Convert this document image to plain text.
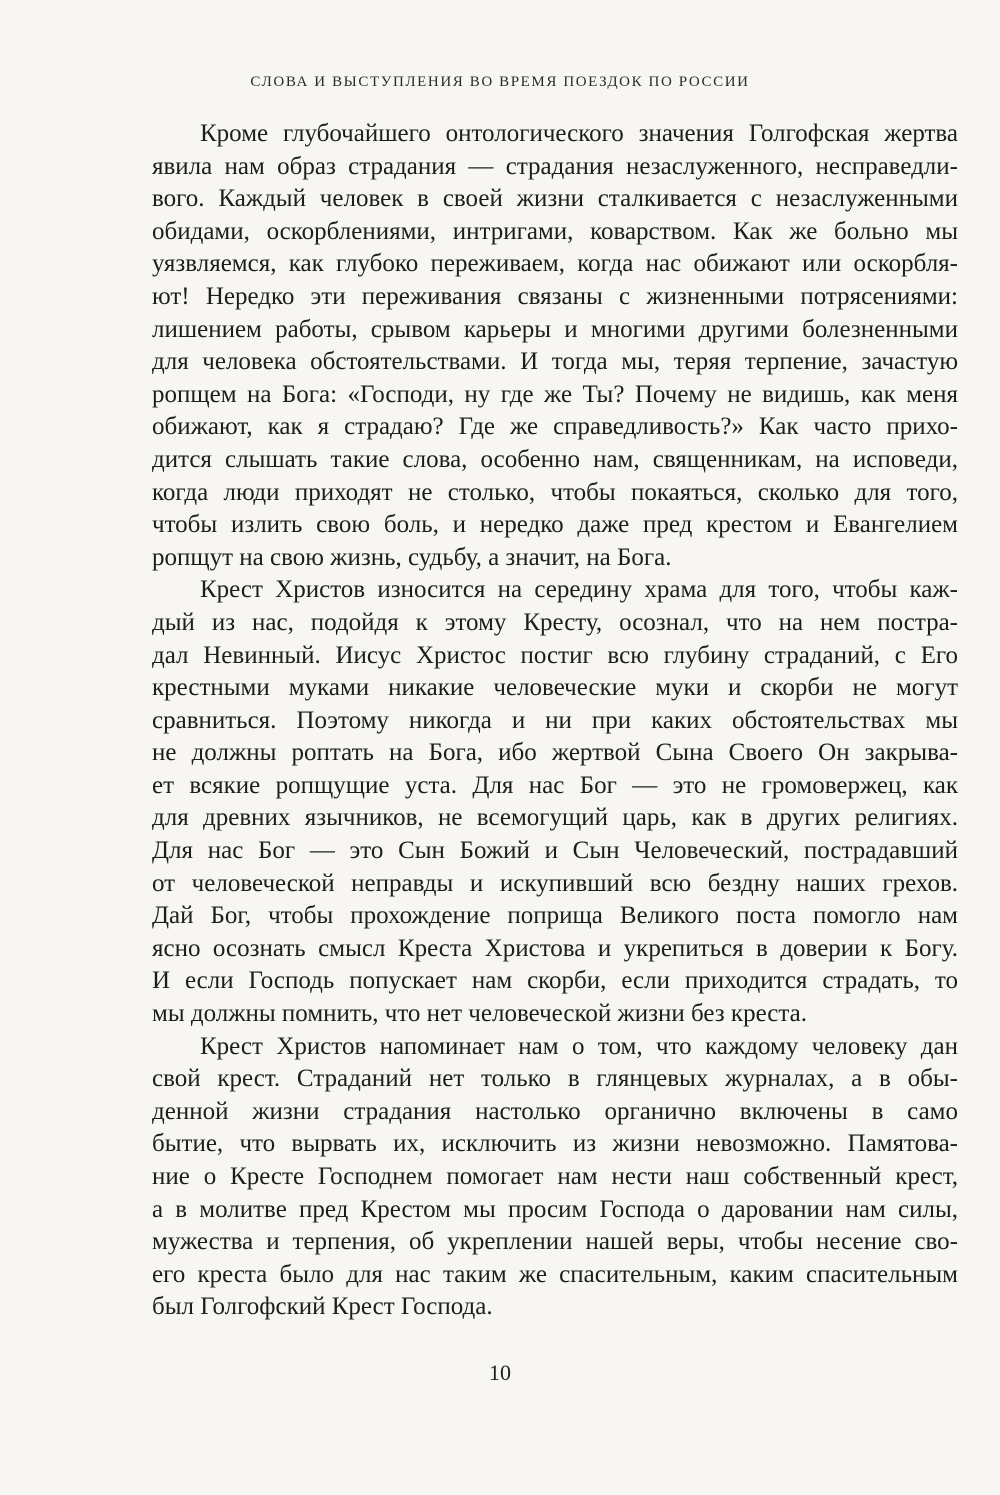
СЛОВА И ВЫСТУПЛЕНИЯ ВО ВРЕМЯ ПОЕЗДОК ПО РОССИИ
Кроме глубочайшего онтологического значения Голгофская жертва
явила нам образ страдания — страдания незаслуженного, несправедли-
вого. Каждый человек в своей жизни сталкивается с незаслуженными
обидами, оскорблениями, интригами, коварством. Как же больно мы
уязвляемся, как глубоко переживаем, когда нас обижают или оскорбля-
ют! Нередко эти переживания связаны с жизненными потрясениями:
лишением работы, срывом карьеры и многими другими болезненными
для человека обстоятельствами. И тогда мы, теряя терпение, зачастую
ропщем на Бога: «Господи, ну где же Ты? Почему не видишь, как меня
обижают, как я страдаю? Где же справедливость?» Как часто прихо-
дится слышать такие слова, особенно нам, священникам, на исповеди,
когда люди приходят не столько, чтобы покаяться, сколько для того,
чтобы излить свою боль, и нередко даже пред крестом и Евангелием
ропщут на свою жизнь, судьбу, а значит, на Бога.
Крест Христов износится на середину храма для того, чтобы каж-
дый из нас, подойдя к этому Кресту, осознал, что на нем постра-
дал Невинный. Иисус Христос постиг всю глубину страданий, с Его
крестными муками никакие человеческие муки и скорби не могут
сравниться. Поэтому никогда и ни при каких обстоятельствах мы
не должны роптать на Бога, ибо жертвой Сына Своего Он закрыва-
ет всякие ропщущие уста. Для нас Бог — это не громовержец, как
для древних язычников, не всемогущий царь, как в других религиях.
Для нас Бог — это Сын Божий и Сын Человеческий, пострадавший
от человеческой неправды и искупивший всю бездну наших грехов.
Дай Бог, чтобы прохождение поприща Великого поста помогло нам
ясно осознать смысл Креста Христова и укрепиться в доверии к Богу.
И если Господь попускает нам скорби, если приходится страдать, то
мы должны помнить, что нет человеческой жизни без креста.
Крест Христов напоминает нам о том, что каждому человеку дан
свой крест. Страданий нет только в глянцевых журналах, а в обы-
денной жизни страдания настолько органично включены в само
бытие, что вырвать их, исключить из жизни невозможно. Памятова-
ние о Кресте Господнем помогает нам нести наш собственный крест,
а в молитве пред Крестом мы просим Господа о даровании нам силы,
мужества и терпения, об укреплении нашей веры, чтобы несение сво-
его креста было для нас таким же спасительным, каким спасительным
был Голгофский Крест Господа.
10
